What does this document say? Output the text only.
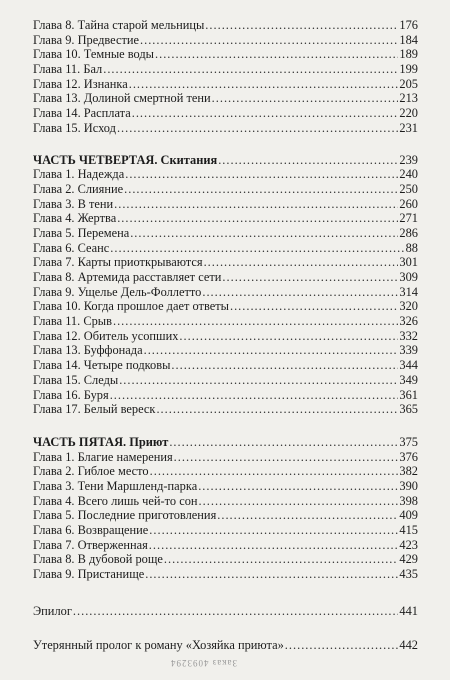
Глава 8. Тайна старой мельницы .....	176
Глава 9. Предвестие .....	184
Глава 10. Темные воды .....	189
Глава 11. Бал .....	199
Глава 12. Изнанка .....	205
Глава 13. Долиной смертной тени .....	213
Глава 14. Расплата .....	220
Глава 15. Исход .....	231
ЧАСТЬ ЧЕТВЕРТАЯ. Скитания .....	239
Глава 1. Надежда .....	240
Глава 2. Слияние .....	250
Глава 3. В тени .....	260
Глава 4. Жертва .....	271
Глава 5. Перемена .....	286
Глава 6. Сеанс .....	88
Глава 7. Карты приоткрываются .....	301
Глава 8. Артемида расставляет сети .....	309
Глава 9. Ущелье Дель-Фоллетто .....	314
Глава 10. Когда прошлое дает ответы .....	320
Глава 11. Срыв .....	326
Глава 12. Обитель усопших .....	332
Глава 13. Буффонада .....	339
Глава 14. Четыре подковы .....	344
Глава 15. Следы .....	349
Глава 16. Буря .....	361
Глава 17. Белый вереск .....	365
ЧАСТЬ ПЯТАЯ. Приют .....	375
Глава 1. Благие намерения .....	376
Глава 2. Гиблое место .....	382
Глава 3. Тени Маршленд-парка .....	390
Глава 4. Всего лишь чей-то сон .....	398
Глава 5. Последние приготовления .....	409
Глава 6. Возвращение .....	415
Глава 7. Отверженная .....	423
Глава 8. В дубовой роще .....	429
Глава 9. Пристанище .....	435
Эпилог .....	441
Утерянный пролог к роману «Хозяйка приюта» .....	442
Заказ 4093294
